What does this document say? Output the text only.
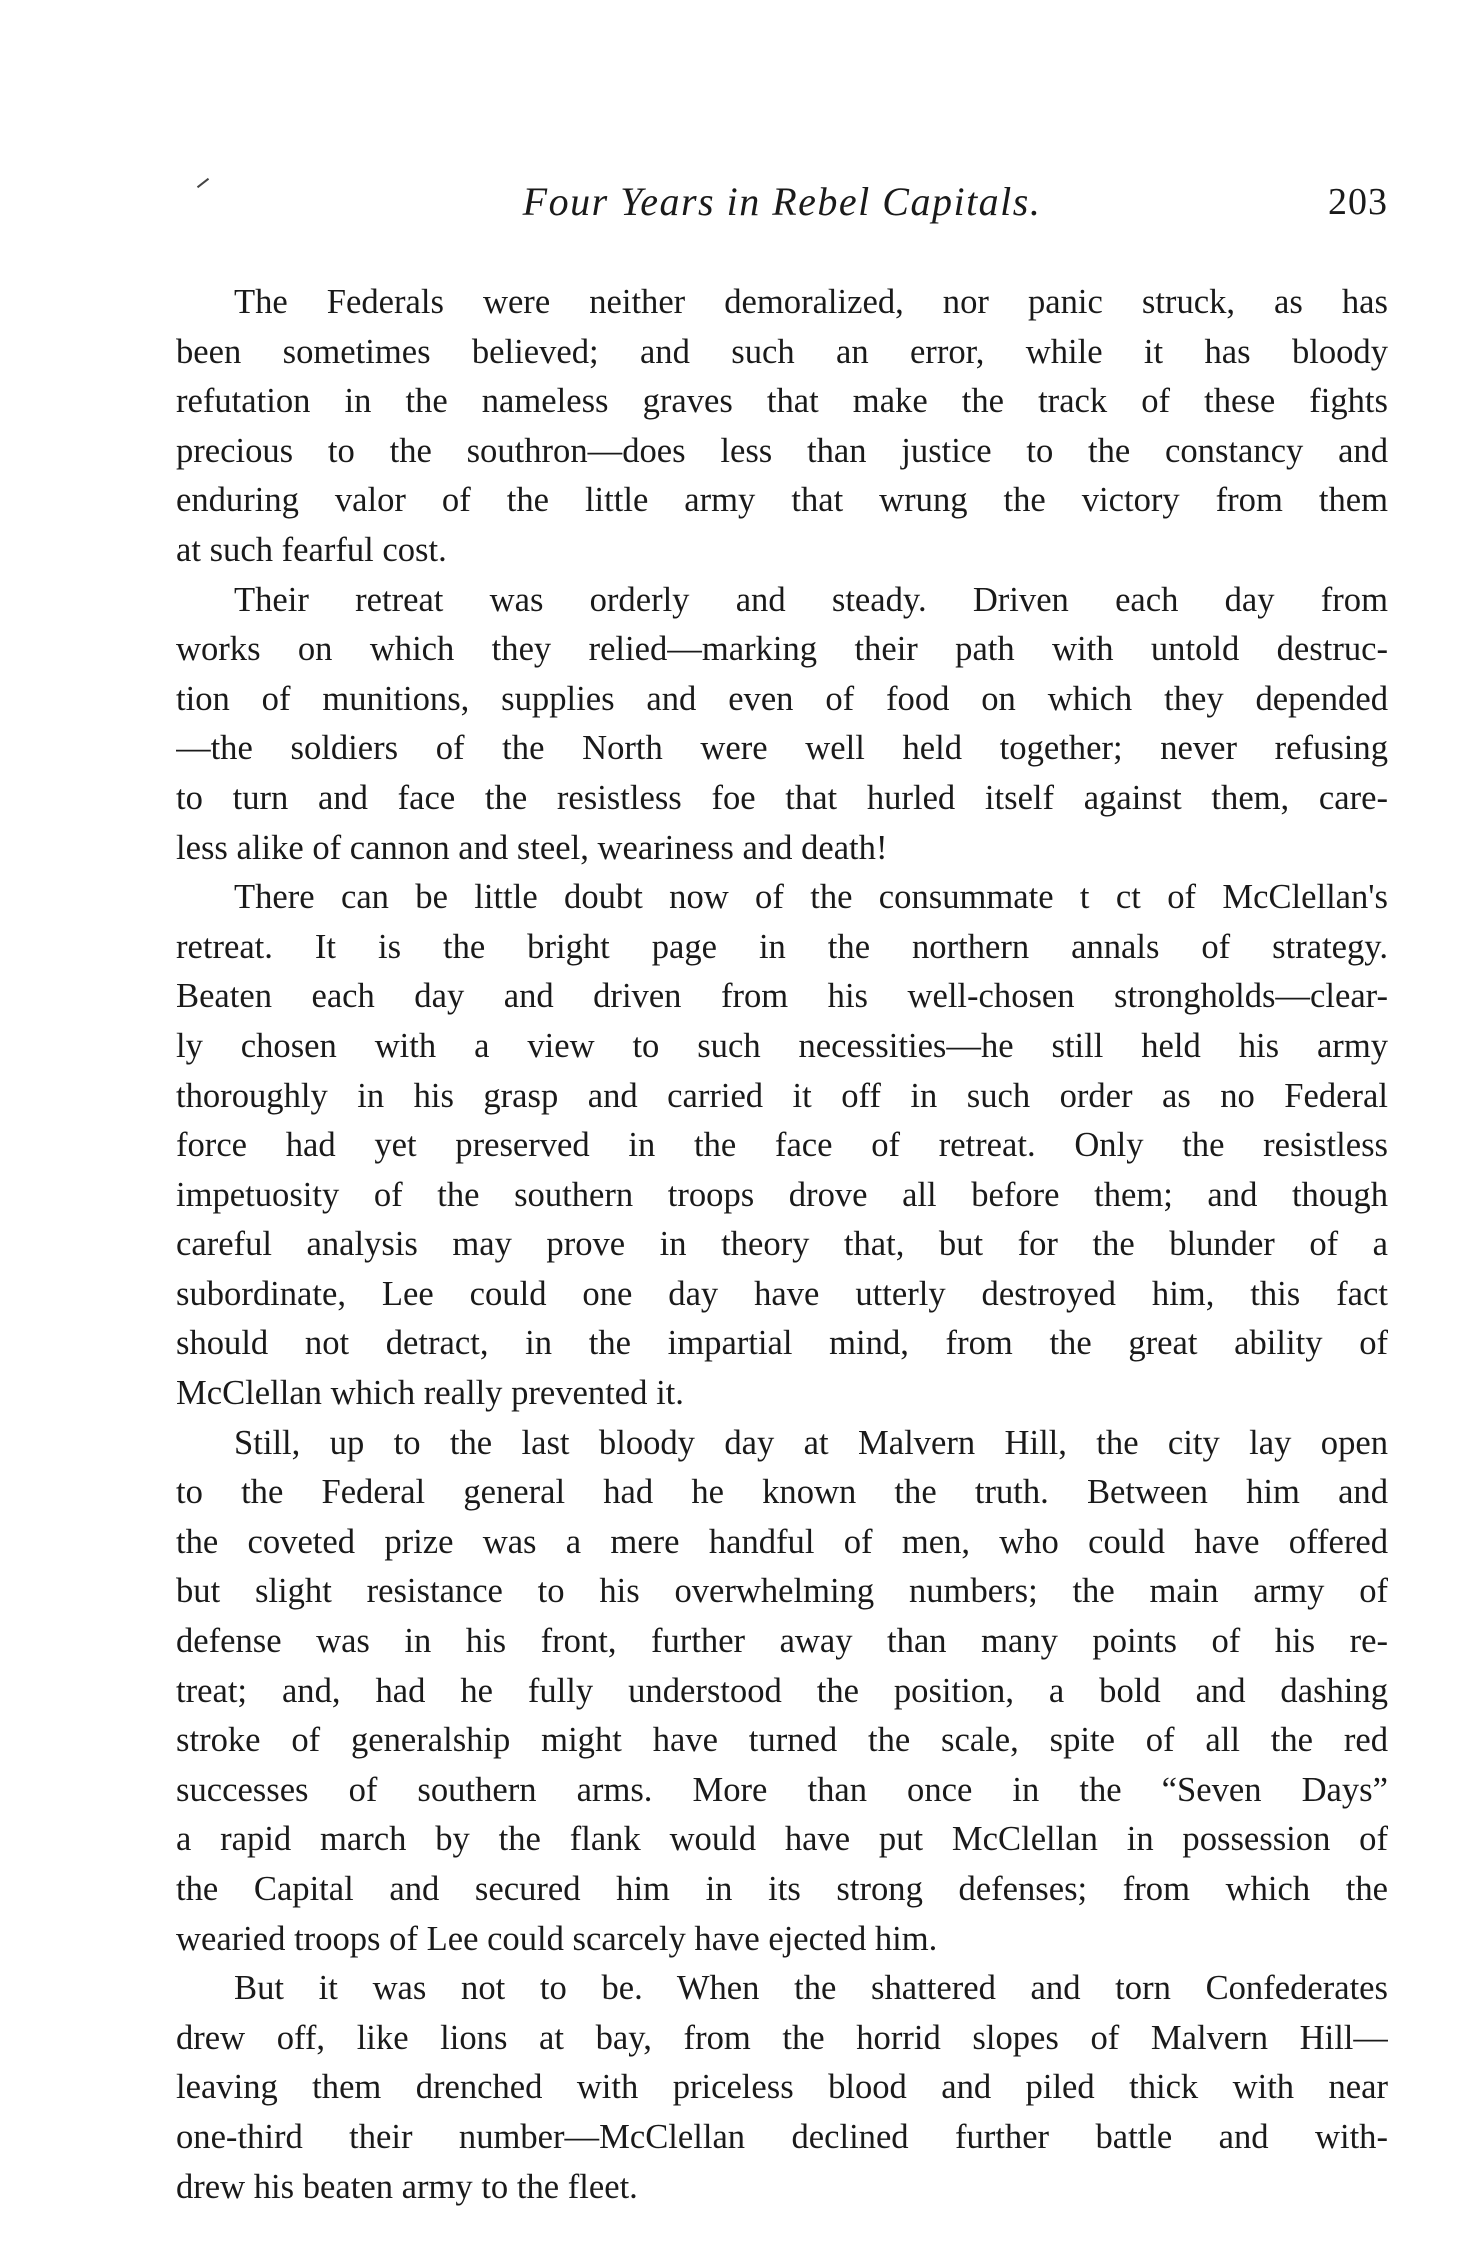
Four Years in Rebel Capitals.	203
The Federals were neither demoralized, nor panic struck, as has
been sometimes believed; and such an error, while it has bloody
refutation in the nameless graves that make the track of these fights
precious to the southron—does less than justice to the constancy and
enduring valor of the little army that wrung the victory from them
at such fearful cost.
Their retreat was orderly and steady. Driven each day from
works on which they relied—marking their path with untold destruc-
tion of munitions, supplies and even of food on which they depended
—the soldiers of the North were well held together; never refusing
to turn and face the resistless foe that hurled itself against them, care-
less alike of cannon and steel, weariness and death!
There can be little doubt now of the consummate t ct of McClellan's
retreat. It is the bright page in the northern annals of strategy.
Beaten each day and driven from his well-chosen strongholds—clear-
ly chosen with a view to such necessities—he still held his army
thoroughly in his grasp and carried it off in such order as no Federal
force had yet preserved in the face of retreat. Only the resistless
impetuosity of the southern troops drove all before them; and though
careful analysis may prove in theory that, but for the blunder of a
subordinate, Lee could one day have utterly destroyed him, this fact
should not detract, in the impartial mind, from the great ability of
McClellan which really prevented it.
Still, up to the last bloody day at Malvern Hill, the city lay open
to the Federal general had he known the truth. Between him and
the coveted prize was a mere handful of men, who could have offered
but slight resistance to his overwhelming numbers; the main army of
defense was in his front, further away than many points of his re-
treat; and, had he fully understood the position, a bold and dashing
stroke of generalship might have turned the scale, spite of all the red
successes of southern arms. More than once in the “Seven Days”
a rapid march by the flank would have put McClellan in possession of
the Capital and secured him in its strong defenses; from which the
wearied troops of Lee could scarcely have ejected him.
But it was not to be. When the shattered and torn Confederates
drew off, like lions at bay, from the horrid slopes of Malvern Hill—
leaving them drenched with priceless blood and piled thick with near
one-third their number—McClellan declined further battle and with-
drew his beaten army to the fleet.
